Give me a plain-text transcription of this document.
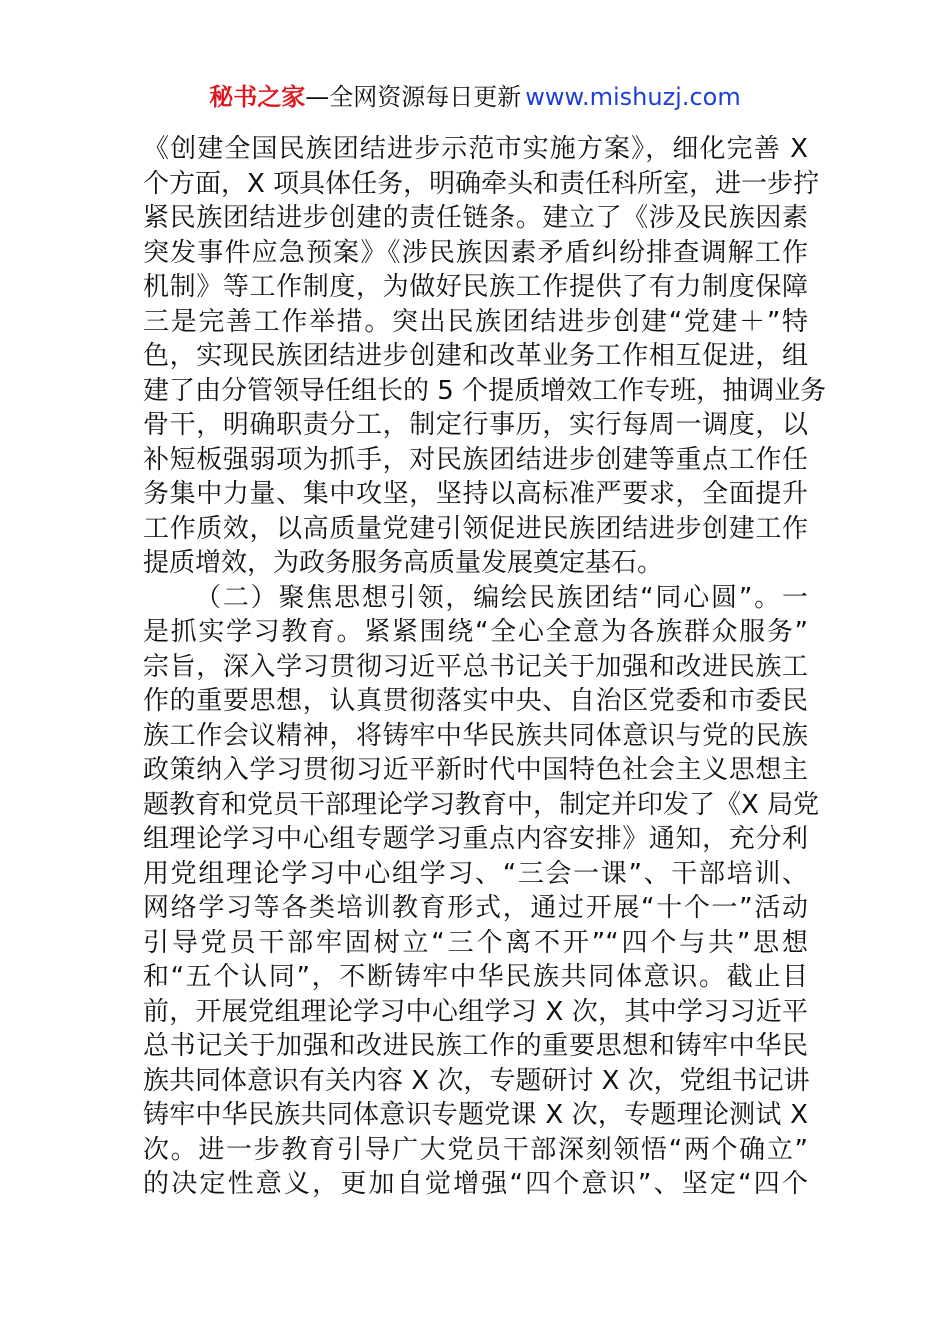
秘书之家—全网资源每日更新 www.mishuzj.com
《创建全国民族团结进步示范市实施方案》，细化完善 X
个方面，X 项具体任务，明确牵头和责任科所室，进一步拧
紧民族团结进步创建的责任链条。建立了《涉及民族因素
突发事件应急预案》《涉民族因素矛盾纠纷排查调解工作
机制》等工作制度，为做好民族工作提供了有力制度保障
三是完善工作举措。突出民族团结进步创建“党建＋”特
色，实现民族团结进步创建和改革业务工作相互促进，组
建了由分管领导任组长的 5 个提质增效工作专班，抽调业务
骨干，明确职责分工，制定行事历，实行每周一调度，以
补短板强弱项为抓手，对民族团结进步创建等重点工作任
务集中力量、集中攻坚，坚持以高标准严要求，全面提升
工作质效，以高质量党建引领促进民族团结进步创建工作
提质增效，为政务服务高质量发展奠定基石。
（二）聚焦思想引领，编绘民族团结“同心圆”。一
是抓实学习教育。紧紧围绕“全心全意为各族群众服务”
宗旨，深入学习贯彻习近平总书记关于加强和改进民族工
作的重要思想，认真贯彻落实中央、自治区党委和市委民
族工作会议精神，将铸牢中华民族共同体意识与党的民族
政策纳入学习贯彻习近平新时代中国特色社会主义思想主
题教育和党员干部理论学习教育中，制定并印发了《X 局党
组理论学习中心组专题学习重点内容安排》通知，充分利
用党组理论学习中心组学习、“三会一课”、干部培训、
网络学习等各类培训教育形式，通过开展“十个一”活动
引导党员干部牢固树立“三个离不开”“四个与共”思想
和“五个认同”，不断铸牢中华民族共同体意识。截止目
前，开展党组理论学习中心组学习 X 次，其中学习习近平
总书记关于加强和改进民族工作的重要思想和铸牢中华民
族共同体意识有关内容 X 次，专题研讨 X 次，党组书记讲
铸牢中华民族共同体意识专题党课 X 次，专题理论测试 X
次。进一步教育引导广大党员干部深刻领悟“两个确立”
的决定性意义，更加自觉增强“四个意识”、坚定“四个
